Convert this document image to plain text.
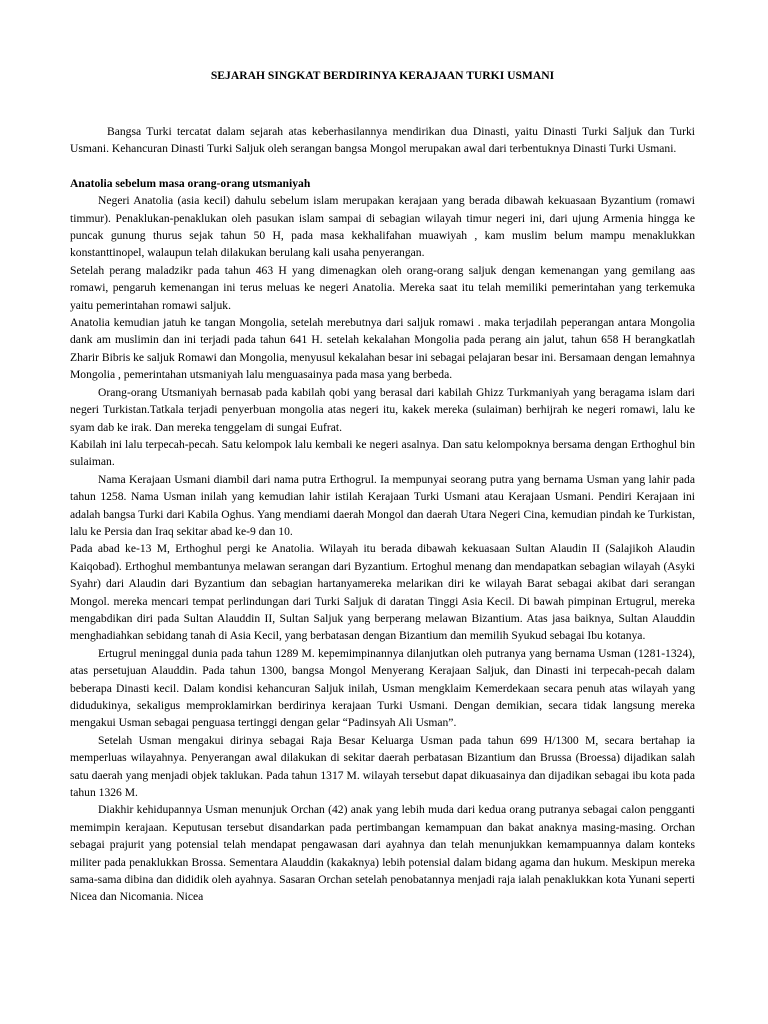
SEJARAH SINGKAT BERDIRINYA KERAJAAN TURKI USMANI

Bangsa Turki tercatat dalam sejarah atas keberhasilannya mendirikan dua Dinasti, yaitu Dinasti Turki Saljuk dan Turki Usmani. Kehancuran Dinasti Turki Saljuk oleh serangan bangsa Mongol merupakan awal dari terbentuknya Dinasti Turki Usmani.

Anatolia sebelum masa orang-orang utsmaniyah

Negeri Anatolia (asia kecil) dahulu sebelum islam merupakan kerajaan yang berada dibawah kekuasaan Byzantium (romawi timmur). Penaklukan-penaklukan oleh pasukan islam sampai di sebagian wilayah timur negeri ini, dari ujung Armenia hingga ke puncak gunung thurus sejak tahun 50 H, pada masa kekhalifahan muawiyah , kam muslim belum mampu menaklukkan konstanttinopel, walaupun telah dilakukan berulang kali usaha penyerangan.

Setelah perang maladzikr pada tahun 463 H yang dimenagkan oleh orang-orang saljuk dengan kemenangan yang gemilang aas romawi, pengaruh kemenangan ini terus meluas ke negeri Anatolia. Mereka saat itu telah memiliki pemerintahan yang terkemuka yaitu pemerintahan romawi saljuk.

Anatolia kemudian jatuh ke tangan Mongolia, setelah merebutnya dari saljuk romawi . maka terjadilah peperangan antara Mongolia dank am muslimin dan ini terjadi pada tahun 641 H. setelah kekalahan Mongolia pada perang ain jalut, tahun 658 H berangkatlah Zharir Bibris ke saljuk Romawi dan Mongolia, menyusul kekalahan besar ini sebagai pelajaran besar ini. Bersamaan dengan lemahnya Mongolia , pemerintahan utsmaniyah lalu menguasainya pada masa yang berbeda.

Orang-orang Utsmaniyah bernasab pada kabilah qobi yang berasal dari kabilah Ghizz Turkmaniyah yang beragama islam dari negeri Turkistan.Tatkala terjadi penyerbuan mongolia atas negeri itu, kakek mereka (sulaiman) berhijrah ke negeri romawi, lalu ke syam dab ke irak. Dan mereka tenggelam di sungai Eufrat.

Kabilah ini lalu terpecah-pecah. Satu kelompok lalu kembali ke negeri asalnya. Dan satu kelompoknya bersama dengan Erthoghul bin sulaiman.

Nama Kerajaan Usmani diambil dari nama putra Erthogrul. Ia mempunyai seorang putra yang bernama Usman yang lahir pada tahun 1258. Nama Usman inilah yang kemudian lahir istilah Kerajaan Turki Usmani atau Kerajaan Usmani. Pendiri Kerajaan ini adalah bangsa Turki dari Kabila Oghus. Yang mendiami daerah Mongol dan daerah Utara Negeri Cina, kemudian pindah ke Turkistan, lalu ke Persia dan Iraq sekitar abad ke-9 dan 10.

Pada abad ke-13 M, Erthoghul pergi ke Anatolia. Wilayah itu berada dibawah kekuasaan Sultan Alaudin II (Salajikoh Alaudin Kaiqobad). Erthoghul membantunya melawan serangan dari Byzantium. Ertoghul menang dan mendapatkan sebagian wilayah (Asyki Syahr) dari Alaudin dari Byzantium dan sebagian hartanyamereka melarikan diri ke wilayah Barat sebagai akibat dari serangan Mongol. mereka mencari tempat perlindungan dari Turki Saljuk di daratan Tinggi Asia Kecil. Di bawah pimpinan Ertugrul, mereka mengabdikan diri pada Sultan Alauddin II, Sultan Saljuk yang berperang melawan Bizantium. Atas jasa baiknya, Sultan Alauddin menghadiahkan sebidang tanah di Asia Kecil, yang berbatasan dengan Bizantium dan memilih Syukud sebagai Ibu kotanya.

Ertugrul meninggal dunia pada tahun 1289 M. kepemimpinannya dilanjutkan oleh putranya yang bernama Usman (1281-1324), atas persetujuan Alauddin. Pada tahun 1300, bangsa Mongol Menyerang Kerajaan Saljuk, dan Dinasti ini terpecah-pecah dalam beberapa Dinasti kecil. Dalam kondisi kehancuran Saljuk inilah, Usman mengklaim Kemerdekaan secara penuh atas wilayah yang didudukinya, sekaligus memproklamirkan berdirinya kerajaan Turki Usmani. Dengan demikian, secara tidak langsung mereka mengakui Usman sebagai penguasa tertinggi dengan gelar “Padinsyah Ali Usman”.

Setelah Usman mengakui dirinya sebagai Raja Besar Keluarga Usman pada tahun 699 H/1300 M, secara bertahap ia memperluas wilayahnya. Penyerangan awal dilakukan di sekitar daerah perbatasan Bizantium dan Brussa (Broessa) dijadikan salah satu daerah yang menjadi objek taklukan. Pada tahun 1317 M. wilayah tersebut dapat dikuasainya dan dijadikan sebagai ibu kota pada tahun 1326 M.

Diakhir kehidupannya Usman menunjuk Orchan (42) anak yang lebih muda dari kedua orang putranya sebagai calon pengganti memimpin kerajaan. Keputusan tersebut disandarkan pada pertimbangan kemampuan dan bakat anaknya masing-masing. Orchan sebagai prajurit yang potensial telah mendapat pengawasan dari ayahnya dan telah menunjukkan kemampuannya dalam konteks militer pada penaklukkan Brossa. Sementara Alauddin (kakaknya) lebih potensial dalam bidang agama dan hukum. Meskipun mereka sama-sama dibina dan dididik oleh ayahnya. Sasaran Orchan setelah penobatannya menjadi raja ialah penaklukkan kota Yunani seperti Nicea dan Nicomania. Nicea
